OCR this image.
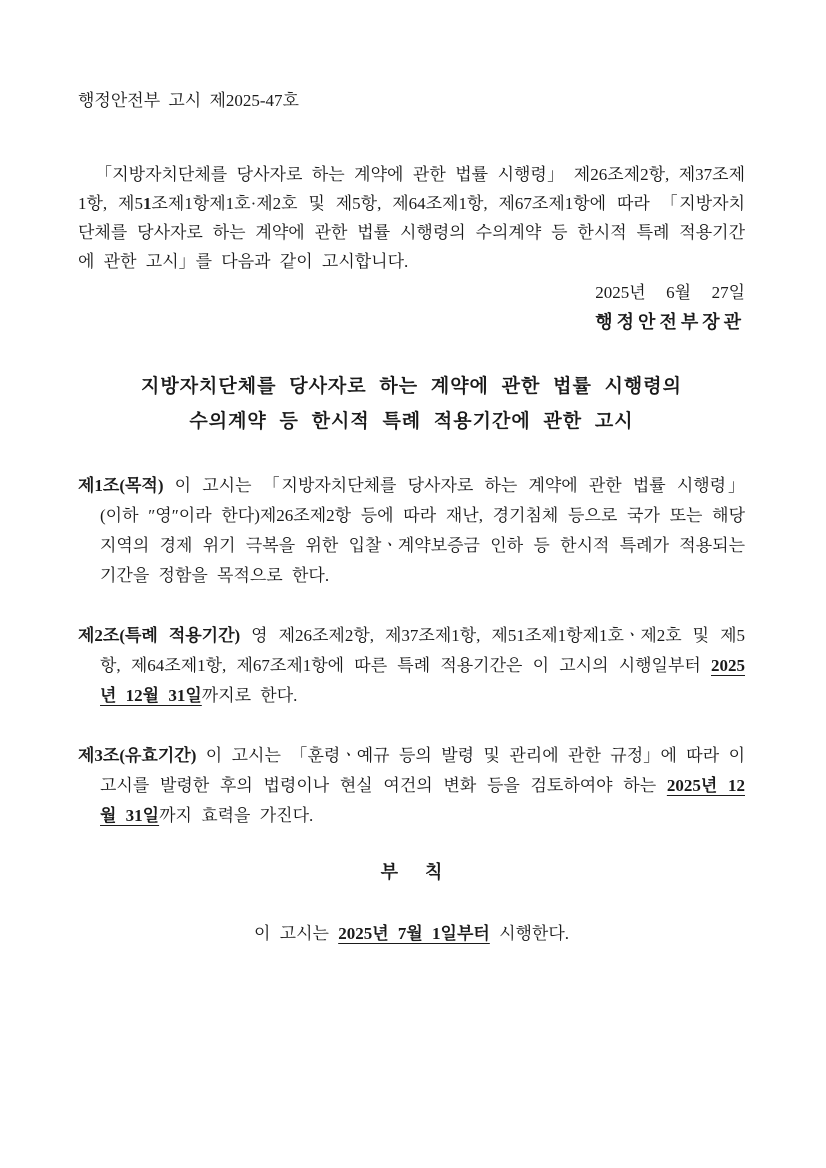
행정안전부 고시 제2025-47호

「지방자치단체를 당사자로 하는 계약에 관한 법률 시행령」 제26조제2항, 제37조제1항, 제51조제1항제1호·제2호 및 제5항, 제64조제1항, 제67조제1항에 따라 「지방자치단체를 당사자로 하는 계약에 관한 법률 시행령의 수의계약 등 한시적 특례 적용기간에 관한 고시」를 다음과 같이 고시합니다.

2025년  6월  27일

행정안전부장관

지방자치단체를 당사자로 하는 계약에 관한 법률 시행령의
수의계약 등 한시적 특례 적용기간에 관한 고시

제1조(목적) 이 고시는 「지방자치단체를 당사자로 하는 계약에 관한 법률 시행령」(이하 ″영″이라 한다)제26조제2항 등에 따라 재난, 경기침체 등으로 국가 또는 해당 지역의 경제 위기 극복을 위한 입찰ㆍ계약보증금 인하 등 한시적 특례가 적용되는 기간을 정함을 목적으로 한다.

제2조(특례 적용기간) 영 제26조제2항, 제37조제1항, 제51조제1항제1호ㆍ제2호 및 제5항, 제64조제1항, 제67조제1항에 따른 특례 적용기간은 이 고시의 시행일부터 2025년 12월 31일까지로 한다.

제3조(유효기간) 이 고시는 「훈령ㆍ예규 등의 발령 및 관리에 관한 규정」에 따라 이 고시를 발령한 후의 법령이나 현실 여건의 변화 등을 검토하여야 하는 2025년 12월 31일까지 효력을 가진다.

부      칙

이 고시는 2025년 7월 1일부터 시행한다.
